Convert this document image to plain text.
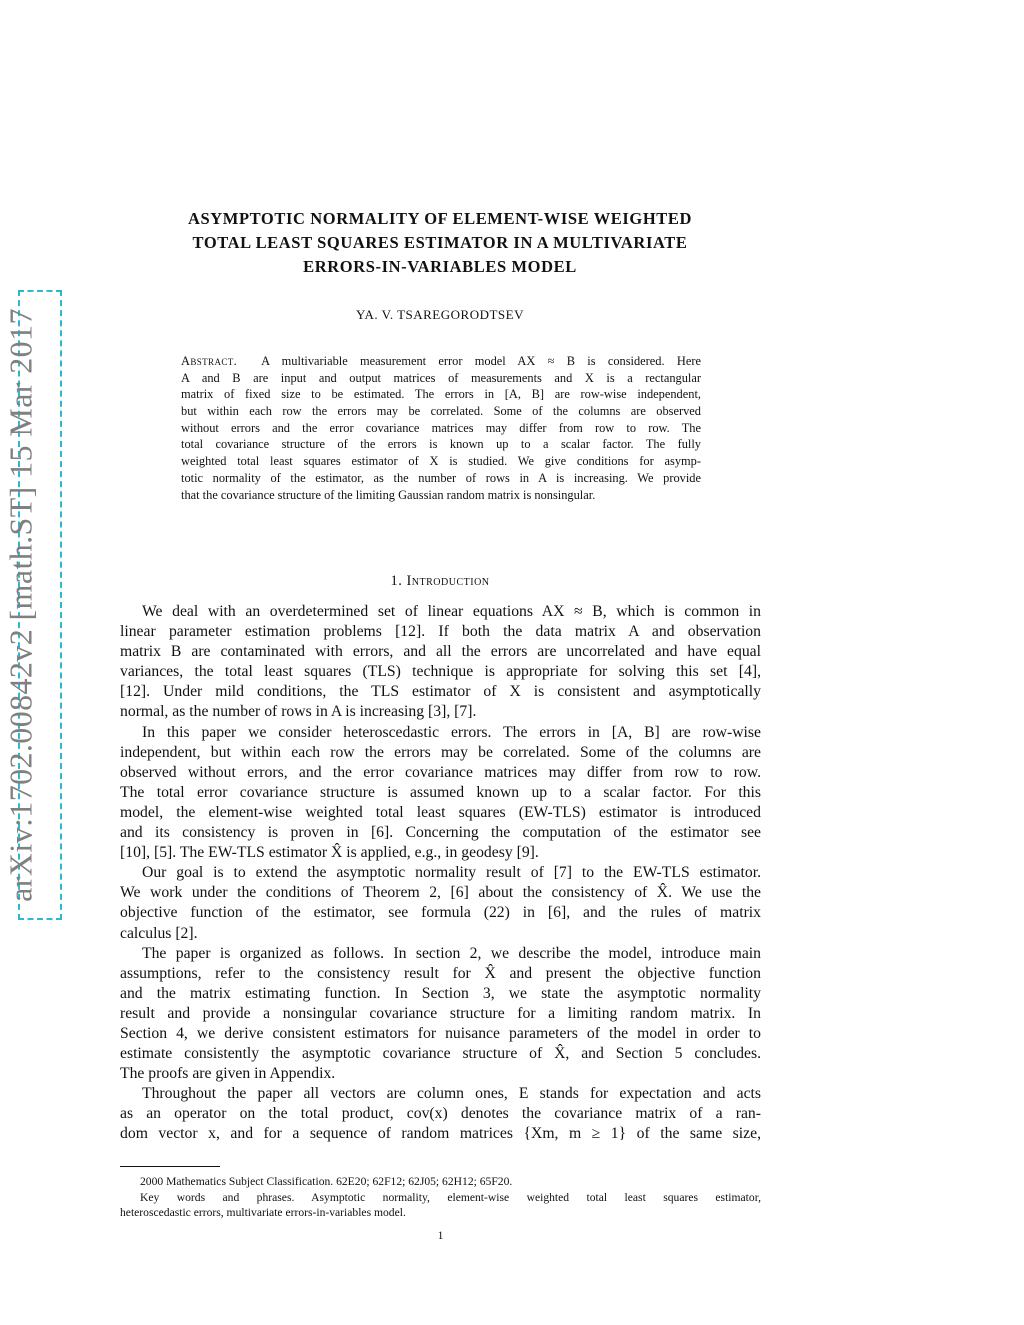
arXiv:1702.00842v2 [math.ST] 15 Mar 2017
ASYMPTOTIC NORMALITY OF ELEMENT-WISE WEIGHTED
TOTAL LEAST SQUARES ESTIMATOR IN A MULTIVARIATE
ERRORS-IN-VARIABLES MODEL
YA. V. TSAREGORODTSEV
Abstract. A multivariable measurement error model AX ≈ B is considered. Here
A and B are input and output matrices of measurements and X is a rectangular
matrix of fixed size to be estimated. The errors in [A, B] are row-wise independent,
but within each row the errors may be correlated. Some of the columns are observed
without errors and the error covariance matrices may differ from row to row. The
total covariance structure of the errors is known up to a scalar factor. The fully
weighted total least squares estimator of X is studied. We give conditions for asymp-
totic normality of the estimator, as the number of rows in A is increasing. We provide
that the covariance structure of the limiting Gaussian random matrix is nonsingular.
1. Introduction
We deal with an overdetermined set of linear equations AX ≈ B, which is common in
linear parameter estimation problems [12]. If both the data matrix A and observation
matrix B are contaminated with errors, and all the errors are uncorrelated and have equal
variances, the total least squares (TLS) technique is appropriate for solving this set [4],
[12]. Under mild conditions, the TLS estimator of X is consistent and asymptotically
normal, as the number of rows in A is increasing [3], [7].
In this paper we consider heteroscedastic errors. The errors in [A, B] are row-wise
independent, but within each row the errors may be correlated. Some of the columns are
observed without errors, and the error covariance matrices may differ from row to row.
The total error covariance structure is assumed known up to a scalar factor. For this
model, the element-wise weighted total least squares (EW-TLS) estimator is introduced
and its consistency is proven in [6]. Concerning the computation of the estimator see
[10], [5]. The EW-TLS estimator X̂ is applied, e.g., in geodesy [9].
Our goal is to extend the asymptotic normality result of [7] to the EW-TLS estimator.
We work under the conditions of Theorem 2, [6] about the consistency of X̂. We use the
objective function of the estimator, see formula (22) in [6], and the rules of matrix
calculus [2].
The paper is organized as follows. In section 2, we describe the model, introduce main
assumptions, refer to the consistency result for X̂ and present the objective function
and the matrix estimating function. In Section 3, we state the asymptotic normality
result and provide a nonsingular covariance structure for a limiting random matrix. In
Section 4, we derive consistent estimators for nuisance parameters of the model in order to
estimate consistently the asymptotic covariance structure of X̂, and Section 5 concludes.
The proofs are given in Appendix.
Throughout the paper all vectors are column ones, E stands for expectation and acts
as an operator on the total product, cov(x) denotes the covariance matrix of a ran-
dom vector x, and for a sequence of random matrices {Xm, m ≥ 1} of the same size,
2000 Mathematics Subject Classification. 62E20; 62F12; 62J05; 62H12; 65F20.
Key words and phrases. Asymptotic normality, element-wise weighted total least squares estimator,
heteroscedastic errors, multivariate errors-in-variables model.
1
